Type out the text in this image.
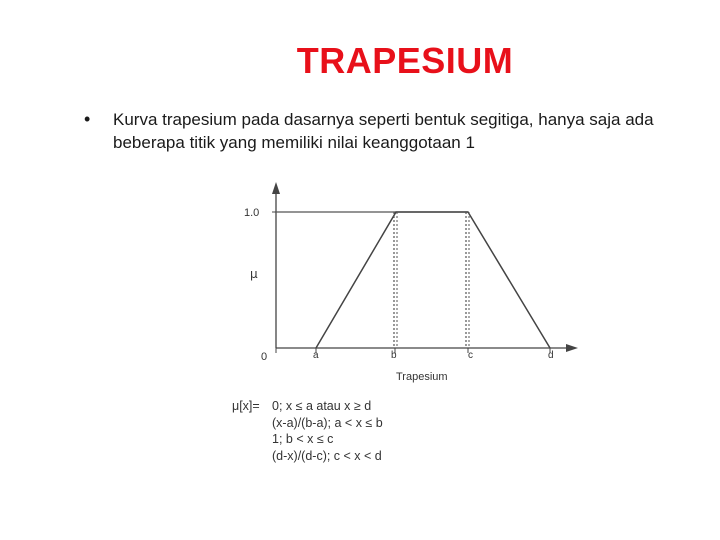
TRAPESIUM
• Kurva trapesium pada dasarnya seperti bentuk segitiga, hanya saja ada beberapa titik yang memiliki nilai keanggotaan 1
1.0
μ
0	a	b	c	d
Trapesium
μ[x]= 0; x ≤ a atau x ≥ d
(x-a)/(b-a); a < x ≤ b
1; b < x ≤ c
(d-x)/(d-c); c < x < d
